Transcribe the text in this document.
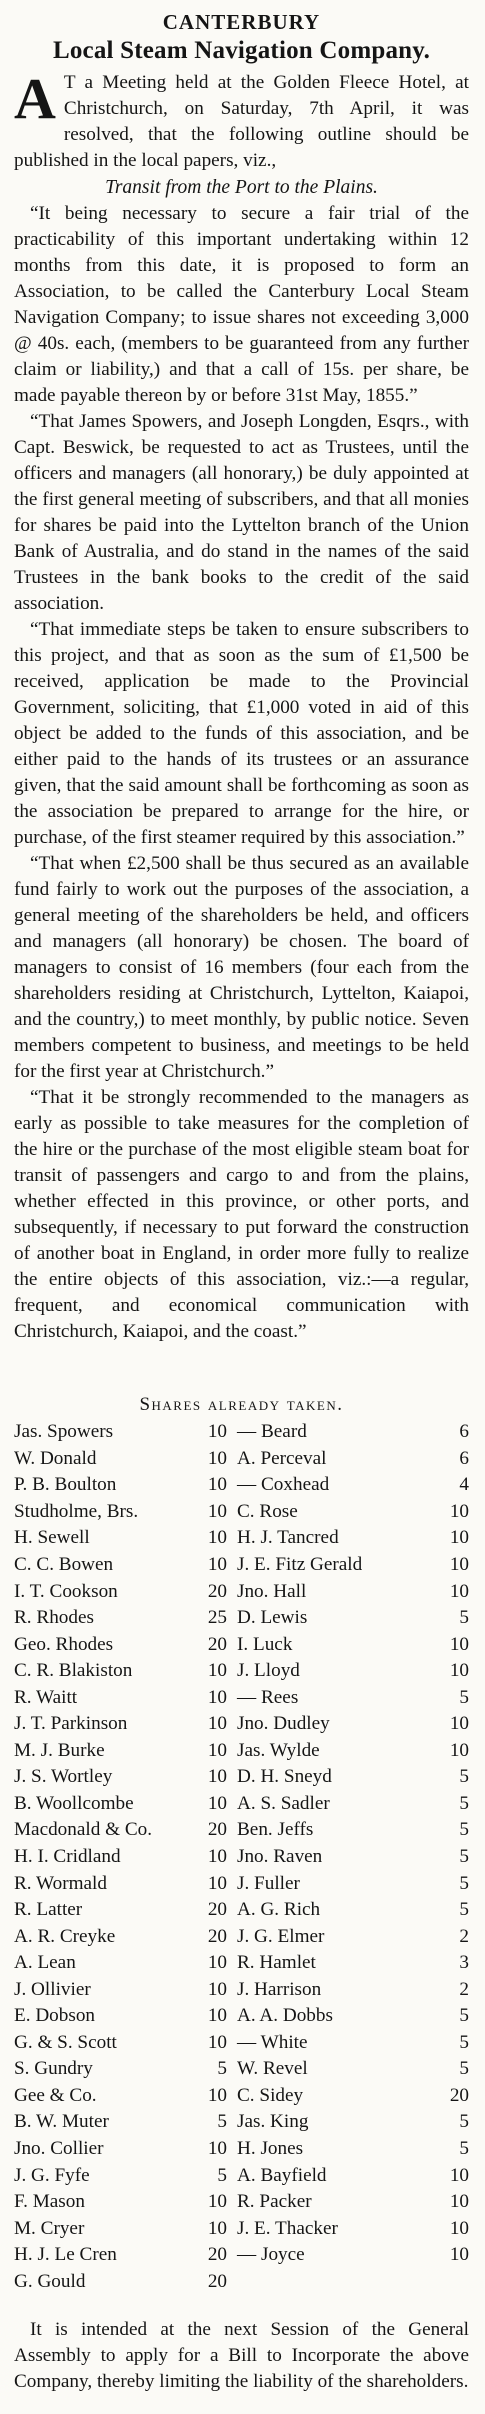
CANTERBURY
Local Steam Navigation Company.
A T a Meeting held at the Golden Fleece Hotel, at Christchurch, on Saturday, 7th April, it was resolved, that the following outline should be published in the local papers, viz.,
Transit from the Port to the Plains.

“It being necessary to secure a fair trial of the practicability of this important undertaking within 12 months from this date, it is proposed to form an Association, to be called the Canterbury Local Steam Navigation Company; to issue shares not exceeding 3,000 @ 40s. each, (members to be guaranteed from any further claim or liability,) and that a call of 15s. per share, be made payable thereon by or before 31st May, 1855.”

“That James Spowers, and Joseph Longden, Esqrs., with Capt. Beswick, be requested to act as Trustees, until the officers and managers (all honorary,) be duly appointed at the first general meeting of subscribers, and that all monies for shares be paid into the Lyttelton branch of the Union Bank of Australia, and do stand in the names of the said Trustees in the bank books to the credit of the said association.

“That immediate steps be taken to ensure subscribers to this project, and that as soon as the sum of £1,500 be received, application be made to the Provincial Government, soliciting, that £1,000 voted in aid of this object be added to the funds of this association, and be either paid to the hands of its trustees or an assurance given, that the said amount shall be forthcoming as soon as the association be prepared to arrange for the hire, or purchase, of the first steamer required by this association.”

“That when £2,500 shall be thus secured as an available fund fairly to work out the purposes of the association, a general meeting of the shareholders be held, and officers and managers (all honorary) be chosen. The board of managers to consist of 16 members (four each from the shareholders residing at Christchurch, Lyttelton, Kaiapoi, and the country,) to meet monthly, by public notice. Seven members competent to business, and meetings to be held for the first year at Christchurch.”

“That it be strongly recommended to the managers as early as possible to take measures for the completion of the hire or the purchase of the most eligible steam boat for transit of passengers and cargo to and from the plains, whether effected in this province, or other ports, and subsequently, if necessary to put forward the construction of another boat in England, in order more fully to realize the entire objects of this association, viz.:—a regular, frequent, and economical communication with Christchurch, Kaiapoi, and the coast.”

Shares already taken.
Jas. Spowers	10	— Beard	6
W. Donald	10	A. Perceval	6
P. B. Boulton	10	— Coxhead	4
Studholme, Brs.	10	C. Rose	10
H. Sewell	10	H. J. Tancred	10
C. C. Bowen	10	J. E. Fitz Gerald	10
I. T. Cookson	20	Jno. Hall	10
R. Rhodes	25	D. Lewis	5
Geo. Rhodes	20	I. Luck	10
C. R. Blakiston	10	J. Lloyd	10
R. Waitt	10	— Rees	5
J. T. Parkinson	10	Jno. Dudley	10
M. J. Burke	10	Jas. Wylde	10
J. S. Wortley	10	D. H. Sneyd	5
B. Woollcombe	10	A. S. Sadler	5
Macdonald & Co.	20	Ben. Jeffs	5
H. I. Cridland	10	Jno. Raven	5
R. Wormald	10	J. Fuller	5
R. Latter	20	A. G. Rich	5
A. R. Creyke	20	J. G. Elmer	2
A. Lean	10	R. Hamlet	3
J. Ollivier	10	J. Harrison	2
E. Dobson	10	A. A. Dobbs	5
G. & S. Scott	10	— White	5
S. Gundry	5	W. Revel	5
Gee & Co.	10	C. Sidey	20
B. W. Muter	5	Jas. King	5
Jno. Collier	10	H. Jones	5
J. G. Fyfe	5	A. Bayfield	10
F. Mason	10	R. Packer	10
M. Cryer	10	J. E. Thacker	10
H. J. Le Cren	20	— Joyce	10
G. Gould	20		

It is intended at the next Session of the General Assembly to apply for a Bill to Incorporate the above Company, thereby limiting the liability of the shareholders.
